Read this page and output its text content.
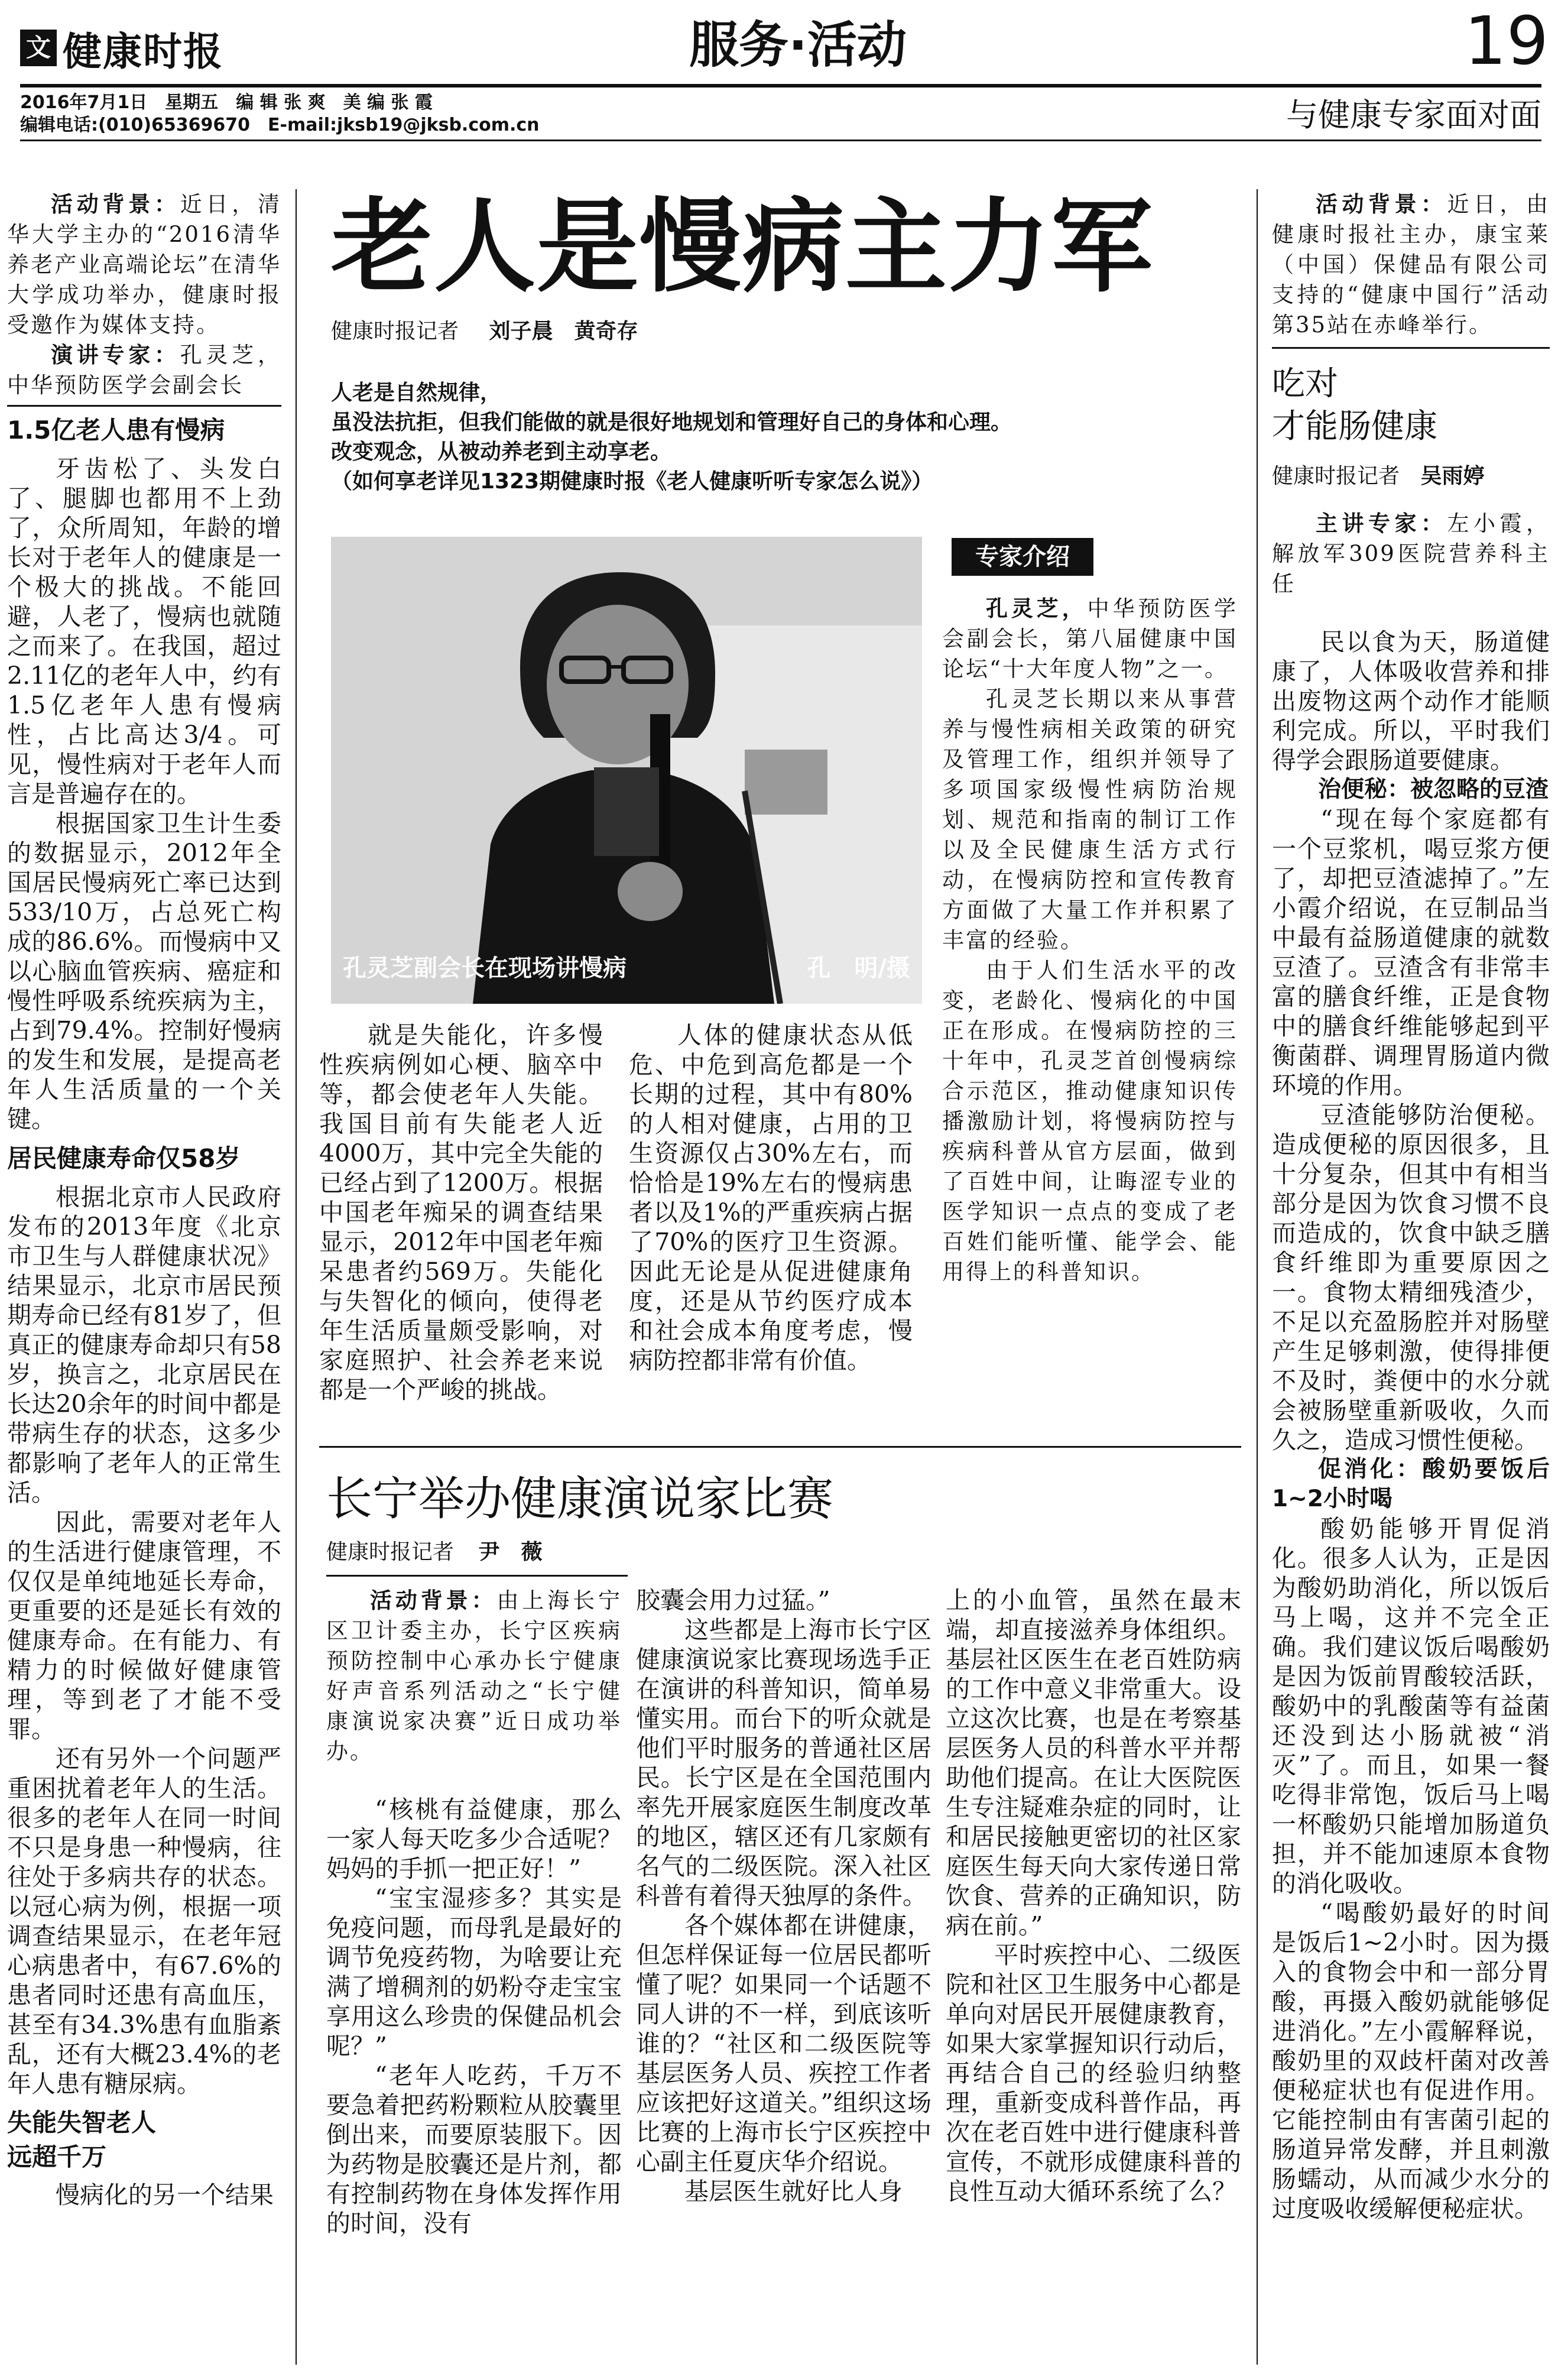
文 健康时报	服务·活动	19
2016年7月1日　星期五　编 辑 张 爽　美 编 张 霞
编辑电话:(010)65369670　E-mail:jksb19@jksb.com.cn	与健康专家面对面

活动背景：近日，清华大学主办的“2016清华养老产业高端论坛”在清华大学成功举办，健康时报受邀作为媒体支持。

演讲专家：孔灵芝，中华预防医学会副会长

1.5亿老人患有慢病

牙齿松了、头发白了、腿脚也都用不上劲了，众所周知，年龄的增长对于老年人的健康是一个极大的挑战。不能回避，人老了，慢病也就随之而来了。在我国，超过2.11亿的老年人中，约有1.5亿老年人患有慢病性，占比高达3/4。可见，慢性病对于老年人而言是普遍存在的。

根据国家卫生计生委的数据显示，2012年全国居民慢病死亡率已达到533/10万，占总死亡构成的86.6%。而慢病中又以心脑血管疾病、癌症和慢性呼吸系统疾病为主，占到79.4%。控制好慢病的发生和发展，是提高老年人生活质量的一个关键。

居民健康寿命仅58岁

根据北京市人民政府发布的2013年度《北京市卫生与人群健康状况》结果显示，北京市居民预期寿命已经有81岁了，但真正的健康寿命却只有58岁，换言之，北京居民在长达20余年的时间中都是带病生存的状态，这多少都影响了老年人的正常生活。

因此，需要对老年人的生活进行健康管理，不仅仅是单纯地延长寿命，更重要的还是延长有效的健康寿命。在有能力、有精力的时候做好健康管理，等到老了才能不受罪。

还有另外一个问题严重困扰着老年人的生活。很多的老年人在同一时间不只是身患一种慢病，往往处于多病共存的状态。以冠心病为例，根据一项调查结果显示，在老年冠心病患者中，有67.6%的患者同时还患有高血压，甚至有34.3%患有血脂紊乱，还有大概23.4%的老年人患有糖尿病。

失能失智老人
远超千万

慢病化的另一个结果

老人是慢病主力军
健康时报记者 刘子晨　黄奇存
人老是自然规律，
虽没法抗拒，但我们能做的就是很好地规划和管理好自己的身体和心理。
改变观念，从被动养老到主动享老。
（如何享老详见1323期健康时报《老人健康听听专家怎么说》）
孔灵芝副会长在现场讲慢病	孔　明/摄

就是失能化，许多慢性疾病例如心梗、脑卒中等，都会使老年人失能。我国目前有失能老人近4000万，其中完全失能的已经占到了1200万。根据中国老年痴呆的调查结果显示，2012年中国老年痴呆患者约569万。失能化与失智化的倾向，使得老年生活质量颇受影响，对家庭照护、社会养老来说都是一个严峻的挑战。

人体的健康状态从低危、中危到高危都是一个长期的过程，其中有80%的人相对健康，占用的卫生资源仅占30%左右，而恰恰是19%左右的慢病患者以及1%的严重疾病占据了70%的医疗卫生资源。因此无论是从促进健康角度，还是从节约医疗成本和社会成本角度考虑，慢病防控都非常有价值。

专家介绍

孔灵芝，中华预防医学会副会长，第八届健康中国论坛“十大年度人物”之一。

孔灵芝长期以来从事营养与慢性病相关政策的研究及管理工作，组织并领导了多项国家级慢性病防治规划、规范和指南的制订工作以及全民健康生活方式行动，在慢病防控和宣传教育方面做了大量工作并积累了丰富的经验。

由于人们生活水平的改变，老龄化、慢病化的中国正在形成。在慢病防控的三十年中，孔灵芝首创慢病综合示范区，推动健康知识传播激励计划，将慢病防控与疾病科普从官方层面，做到了百姓中间，让晦涩专业的医学知识一点点的变成了老百姓们能听懂、能学会、能用得上的科普知识。

长宁举办健康演说家比赛
健康时报记者 尹　薇

活动背景：由上海长宁区卫计委主办，长宁区疾病预防控制中心承办长宁健康好声音系列活动之“长宁健康演说家决赛”近日成功举办。

“核桃有益健康，那么一家人每天吃多少合适呢？妈妈的手抓一把正好！”

“宝宝湿疹多？其实是免疫问题，而母乳是最好的调节免疫药物，为啥要让充满了增稠剂的奶粉夺走宝宝享用这么珍贵的保健品机会呢？”

“老年人吃药，千万不要急着把药粉颗粒从胶囊里倒出来，而要原装服下。因为药物是胶囊还是片剂，都有控制药物在身体发挥作用的时间，没有

胶囊会用力过猛。”

这些都是上海市长宁区健康演说家比赛现场选手正在演讲的科普知识，简单易懂实用。而台下的听众就是他们平时服务的普通社区居民。长宁区是在全国范围内率先开展家庭医生制度改革的地区，辖区还有几家颇有名气的二级医院。深入社区科普有着得天独厚的条件。

各个媒体都在讲健康，但怎样保证每一位居民都听懂了呢？如果同一个话题不同人讲的不一样，到底该听谁的？“社区和二级医院等基层医务人员、疾控工作者应该把好这道关。”组织这场比赛的上海市长宁区疾控中心副主任夏庆华介绍说。

基层医生就好比人身

上的小血管，虽然在最末端，却直接滋养身体组织。基层社区医生在老百姓防病的工作中意义非常重大。设立这次比赛，也是在考察基层医务人员的科普水平并帮助他们提高。在让大医院医生专注疑难杂症的同时，让和居民接触更密切的社区家庭医生每天向大家传递日常饮食、营养的正确知识，防病在前。”

平时疾控中心、二级医院和社区卫生服务中心都是单向对居民开展健康教育，如果大家掌握知识行动后，再结合自己的经验归纳整理，重新变成科普作品，再次在老百姓中进行健康科普宣传，不就形成健康科普的良性互动大循环系统了么？

活动背景：近日，由健康时报社主办，康宝莱（中国）保健品有限公司支持的“健康中国行”活动第35站在赤峰举行。

吃对
才能肠健康
健康时报记者 吴雨婷

主讲专家：左小霞，解放军309医院营养科主任

民以食为天，肠道健康了，人体吸收营养和排出废物这两个动作才能顺利完成。所以，平时我们得学会跟肠道要健康。

治便秘：被忽略的豆渣

“现在每个家庭都有一个豆浆机，喝豆浆方便了，却把豆渣滤掉了。”左小霞介绍说，在豆制品当中最有益肠道健康的就数豆渣了。豆渣含有非常丰富的膳食纤维，正是食物中的膳食纤维能够起到平衡菌群、调理胃肠道内微环境的作用。

豆渣能够防治便秘。造成便秘的原因很多，且十分复杂，但其中有相当部分是因为饮食习惯不良而造成的，饮食中缺乏膳食纤维即为重要原因之一。食物太精细残渣少，不足以充盈肠腔并对肠壁产生足够刺激，使得排便不及时，粪便中的水分就会被肠壁重新吸收，久而久之，造成习惯性便秘。

促消化：酸奶要饭后1~2小时喝

酸奶能够开胃促消化。很多人认为，正是因为酸奶助消化，所以饭后马上喝，这并不完全正确。我们建议饭后喝酸奶是因为饭前胃酸较活跃，酸奶中的乳酸菌等有益菌还没到达小肠就被“消灭”了。而且，如果一餐吃得非常饱，饭后马上喝一杯酸奶只能增加肠道负担，并不能加速原本食物的消化吸收。

“喝酸奶最好的时间是饭后1~2小时。因为摄入的食物会中和一部分胃酸，再摄入酸奶就能够促进消化。”左小霞解释说，酸奶里的双歧杆菌对改善便秘症状也有促进作用。它能控制由有害菌引起的肠道异常发酵，并且刺激肠蠕动，从而减少水分的过度吸收缓解便秘症状。
